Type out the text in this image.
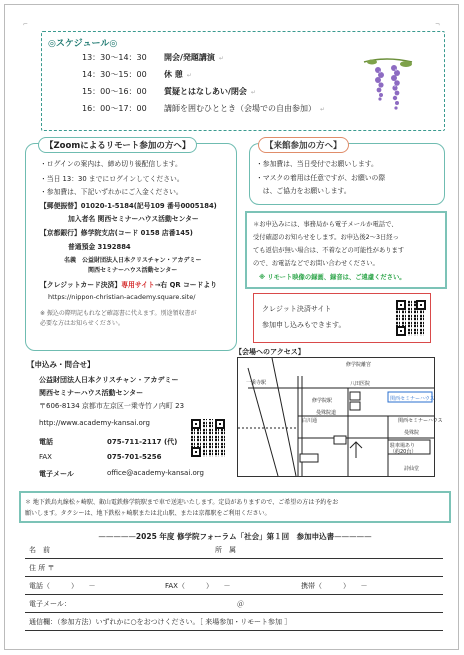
⌐	¬
◎スケジュール◎
13：30～14：30 開会/発題講演 ↵
14：30～15：00 休 憩 ↵
15：00～16：00 質疑とはなしあい/閉会 ↵
16：00～17：00 講師を囲むひととき（会場での自由参加） ↵
【Zoomによるリモート参加の方へ】
・ログインの案内は、締め切り後配信します。
・当日 13：30 までにログインしてください。
・参加費は、下記いずれかにご入金ください。
【郵便振替】01020-1-5184(記号109 番号0005184)
加入者名 関西セミナーハウス活動センター
【京都銀行】修学院支店(コード 0158 店番145)
普通預金 3192884
名義　公益財団法人日本クリスチャン・アカデミー
関西セミナーハウス活動センター
【クレジットカード決済】専用サイト→右 QR コードより
https://nippon-christian-academy.square.site/
※ 振込の際明記もれなど確認書に代えます。別途領収書が
必要な方はお知らせください。
【来館参加の方へ】
・参加費は、当日受付でお願いします。
・マスクの着用は任意ですが、お願いの際
　は、ご協力をお願いします。
＊お申込みには、事務局から電子メールか電話で、
受付確認のお知らせをします。お申込後2～3日経っ
ても返信が無い場合は、不着などの可能性があります
ので、お電話などでお問い合わせください。
※ リモート映像の録画、録音は、ご遠慮ください。
クレジット決済サイト
参加申し込みもできます。
【申込み・問合せ】
公益財団法人日本クリスチャン・アカデミー
関西セミナーハウス活動センター
〒606-8134 京都市左京区一乗寺竹ノ内町 23
http://www.academy-kansai.org
電話	075-711-2117 (代)
FAX	075-701-5256
電子メール	office@academy-kansai.org
【会場へのアクセス】
修学院離宮
八田医院
関西セミナーハウス
修学院駅
白川通
曼殊院道
関西セミナーハウス
曼殊院
詩仙堂
一乗寺駅
駐車場あり
（約20台）
＊ 地下鉄烏丸線松ヶ崎駅、叡山電鉄修学院駅まで車で送迎いたします。定員がありますので、ご希望の方は予約をお
願いします。タクシーは、地下鉄松ヶ崎駅または北山駅、または京都駅をご利用ください。
—————2025 年度 修学院フォーラム「社会」第１回　参加申込書—————
名　前	所　属
住 所 〒
電話（　　　）　　－	FAX（　　　）　　－	携帯（　　　）　　－
電子メール：	＠
通信欄：（参加方法）いずれかに○をおつけください。［ 来場参加・リモート参加 ］
